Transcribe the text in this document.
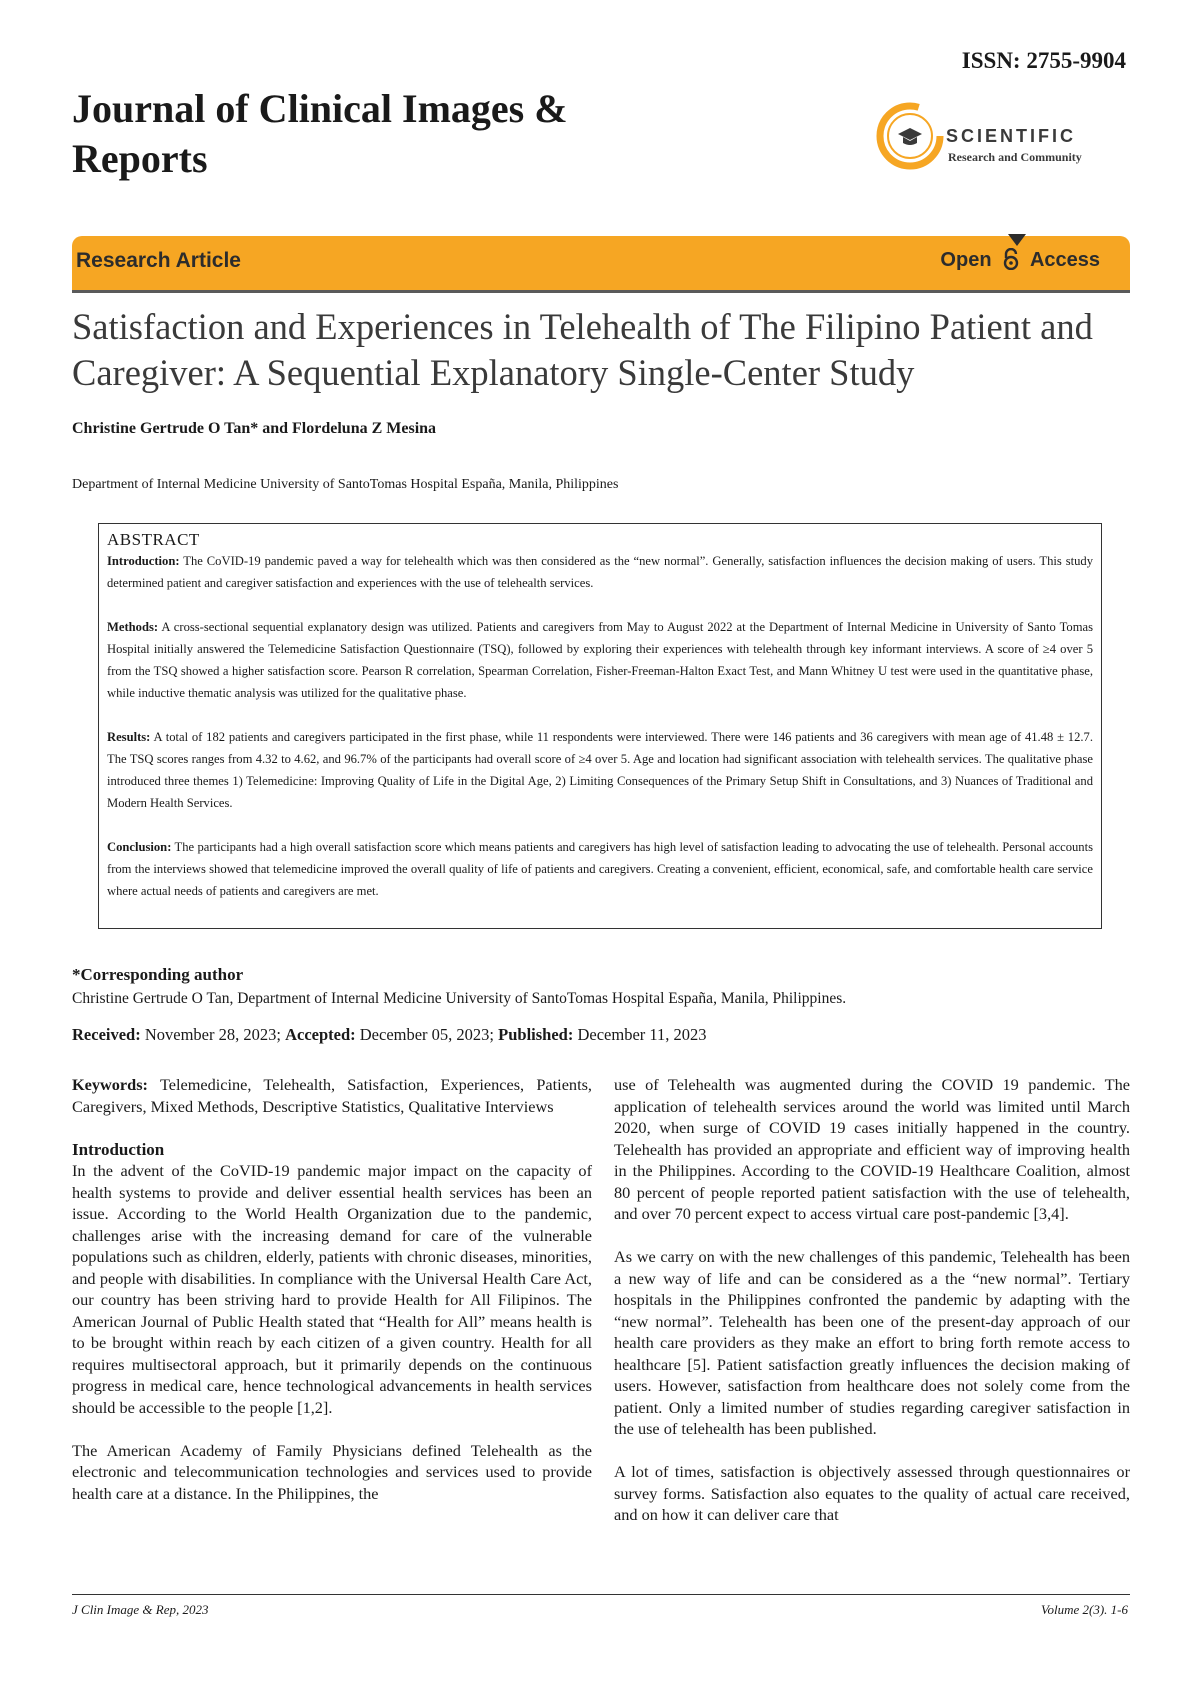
ISSN: 2755-9904
Journal of Clinical Images & Reports	SCIENTIFIC
Research and Community
Research Article	Open Access
Satisfaction and Experiences in Telehealth of The Filipino Patient and Caregiver: A Sequential Explanatory Single-Center Study
Christine Gertrude O Tan* and Flordeluna Z Mesina
Department of Internal Medicine University of SantoTomas Hospital España, Manila, Philippines
ABSTRACT

Introduction: The CoVID-19 pandemic paved a way for telehealth which was then considered as the “new normal”. Generally, satisfaction influences the decision making of users. This study determined patient and caregiver satisfaction and experiences with the use of telehealth services.

Methods: A cross-sectional sequential explanatory design was utilized. Patients and caregivers from May to August 2022 at the Department of Internal Medicine in University of Santo Tomas Hospital initially answered the Telemedicine Satisfaction Questionnaire (TSQ), followed by exploring their experiences with telehealth through key informant interviews. A score of ≥4 over 5 from the TSQ showed a higher satisfaction score. Pearson R correlation, Spearman Correlation, Fisher-Freeman-Halton Exact Test, and Mann Whitney U test were used in the quantitative phase, while inductive thematic analysis was utilized for the qualitative phase.

Results: A total of 182 patients and caregivers participated in the first phase, while 11 respondents were interviewed. There were 146 patients and 36 caregivers with mean age of 41.48 ± 12.7. The TSQ scores ranges from 4.32 to 4.62, and 96.7% of the participants had overall score of ≥4 over 5. Age and location had significant association with telehealth services. The qualitative phase introduced three themes 1) Telemedicine: Improving Quality of Life in the Digital Age, 2) Limiting Consequences of the Primary Setup Shift in Consultations, and 3) Nuances of Traditional and Modern Health Services.

Conclusion: The participants had a high overall satisfaction score which means patients and caregivers has high level of satisfaction leading to advocating the use of telehealth. Personal accounts from the interviews showed that telemedicine improved the overall quality of life of patients and caregivers. Creating a convenient, efficient, economical, safe, and comfortable health care service where actual needs of patients and caregivers are met.

*Corresponding author
Christine Gertrude O Tan, Department of Internal Medicine University of SantoTomas Hospital España, Manila, Philippines.
Received: November 28, 2023; Accepted: December 05, 2023; Published: December 11, 2023

Keywords: Telemedicine, Telehealth, Satisfaction, Experiences, Patients, Caregivers, Mixed Methods, Descriptive Statistics, Qualitative Interviews

Introduction

In the advent of the CoVID-19 pandemic major impact on the capacity of health systems to provide and deliver essential health services has been an issue. According to the World Health Organization due to the pandemic, challenges arise with the increasing demand for care of the vulnerable populations such as children, elderly, patients with chronic diseases, minorities, and people with disabilities. In compliance with the Universal Health Care Act, our country has been striving hard to provide Health for All Filipinos. The American Journal of Public Health stated that “Health for All” means health is to be brought within reach by each citizen of a given country. Health for all requires multisectoral approach, but it primarily depends on the continuous progress in medical care, hence technological advancements in health services should be accessible to the people [1,2].

The American Academy of Family Physicians defined Telehealth as the electronic and telecommunication technologies and services used to provide health care at a distance. In the Philippines, the

use of Telehealth was augmented during the COVID 19 pandemic. The application of telehealth services around the world was limited until March 2020, when surge of COVID 19 cases initially happened in the country. Telehealth has provided an appropriate and efficient way of improving health in the Philippines. According to the COVID-19 Healthcare Coalition, almost 80 percent of people reported patient satisfaction with the use of telehealth, and over 70 percent expect to access virtual care post-pandemic [3,4].

As we carry on with the new challenges of this pandemic, Telehealth has been a new way of life and can be considered as a the “new normal”. Tertiary hospitals in the Philippines confronted the pandemic by adapting with the “new normal”. Telehealth has been one of the present-day approach of our health care providers as they make an effort to bring forth remote access to healthcare [5]. Patient satisfaction greatly influences the decision making of users. However, satisfaction from healthcare does not solely come from the patient. Only a limited number of studies regarding caregiver satisfaction in the use of telehealth has been published.

A lot of times, satisfaction is objectively assessed through questionnaires or survey forms. Satisfaction also equates to the quality of actual care received, and on how it can deliver care that

J Clin Image & Rep, 2023	Volume 2(3). 1-6
